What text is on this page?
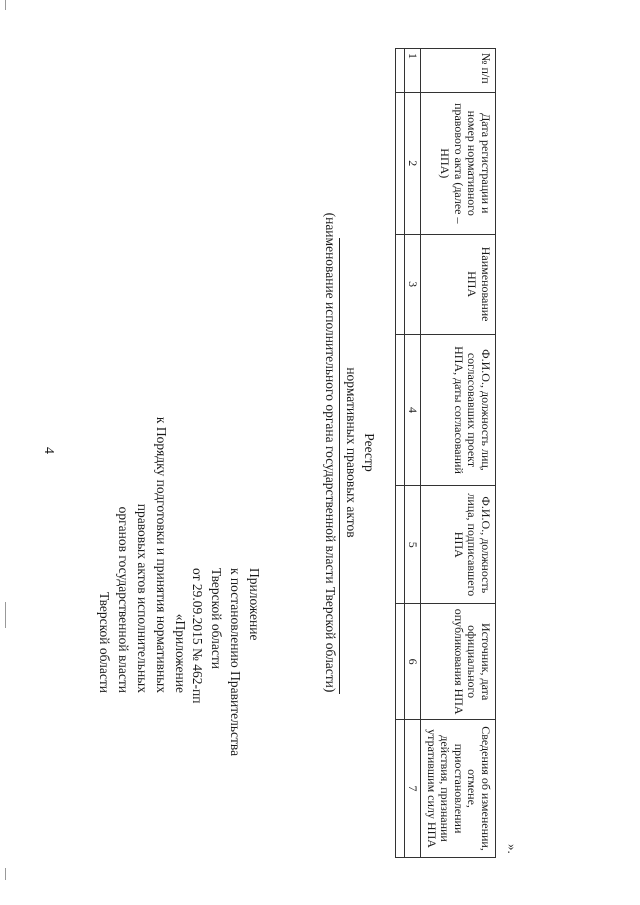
4
Приложение
к постановлению Правительства
Тверской области
от 29.09.2015 № 462-пп
«Приложение
к Порядку подготовки и принятия нормативных
правовых актов исполнительных
органов государственной власти
Тверской области
Реестр
нормативных правовых актов
(наименование исполнительного органа государственной власти Тверской области)
№ п/п	Дата регистрации и номер нормативного правового акта (далее – НПА)	Наименование НПА	Ф.И.О., должность лиц, согласовавших проект НПА, даты согласований	Ф.И.О., должность лица, подписавшего НПА	Источник, дата официального опубликования НПА	Сведения об изменении, отмене, приостановлении действия, признании утратившим силу НПА
1	2	3	4	5	6	7

».
